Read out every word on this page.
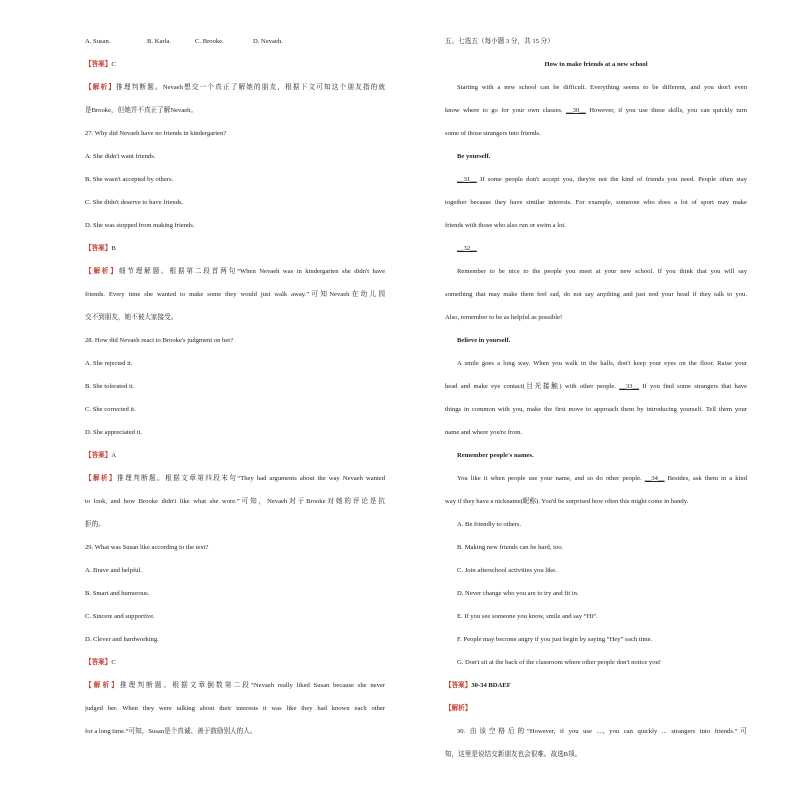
A. Susan.	B. Karla.	C. Brooke.	D. Nevaeh.
【答案】C
【解析】推理判断题。Nevaeh想交一个真正了解她的朋友，根据下文可知这个朋友指的就
是Brooke，但她并不真正了解Nevaeh。
27. Why did Nevaeh have no friends in kindergarten?
A. She didn't want friends.
B. She wasn't accepted by others.
C. She didn't deserve to have friends.
D. She was stopped from making friends.
【答案】B
【解析】细节理解题。根据第二段首两句“When Nevaeh was in kindergarten she didn't have
friends. Every time she wanted to make some they would just walk away.”可知Nevaeh在幼儿园
交不到朋友，她不被大家接受。
28. How did Nevaeh react to Brooke's judgment on her?
A. She rejected it.
B. She tolerated it.
C. She corrected it.
D. She appreciated it.
【答案】A
【解析】推理判断题。根据文章第四段末句“They had arguments about the way Nevaeh wanted
to look, and how Brooke didn't like what she wore.”可知，Nevaeh对于Brooke对她的评论是抗
拒的。
29. What was Susan like according to the text?
A. Brave and helpful.
B. Smart and humorous.
C. Sincere and supportive.
D. Clever and hardworking.
【答案】C
【解析】推理判断题。根据文章倒数第二段“Nevaeh really liked Susan because she never
judged her. When they were talking about their interests it was like they had known each other
for a long time.”可知，Susan是个真诚、善于鼓励别人的人。
五、七选五（每小题 3 分，共 15 分）
How to make friends at a new school
Starting with a new school can be difficult. Everything seems to be different, and you don't even
know where to go for your own classes. __30__ However, if you use these skills, you can quickly turn
some of those strangers into friends.
Be yourself.
__31__ If some people don't accept you, they're not the kind of friends you need. People often stay
together because they have similar interests. For example, someone who does a lot of sport may make
friends with those who also run or swim a lot.
__32__
Remember to be nice to the people you meet at your new school. If you think that you will say
something that may make them feel sad, do not say anything and just nod your head if they talk to you.
Also, remember to be as helpful as possible!
Believe in yourself.
A smile goes a long way. When you walk in the halls, don't keep your eyes on the floor. Raise your
head and make eye contact(目光接触) with other people. __33__ If you find some strangers that have
things in common with you, make the first move to approach them by introducing yourself. Tell them your
name and where you're from.
Remember people's names.
You like it when people use your name, and so do other people. __34__ Besides, ask them in a kind
way if they have a nickname(昵称). You'd be surprised how often this might come in handy.
A. Be friendly to others.
B. Making new friends can be hard, too.
C. Join afterschool activities you like.
D. Never change who you are to try and fit in.
E. If you see someone you know, smile and say “Hi”.
F. People may become angry if you just begin by saying “Hey” each time.
G. Don't sit at the back of the classroom where other people don't notice you!
【答案】30-34 BDAEF
【解析】
30. 由该空格后的“However, if you use ...., you can quickly ... strangers into friends.”可
知，这里是说结交新朋友也会很难。故选B项。
